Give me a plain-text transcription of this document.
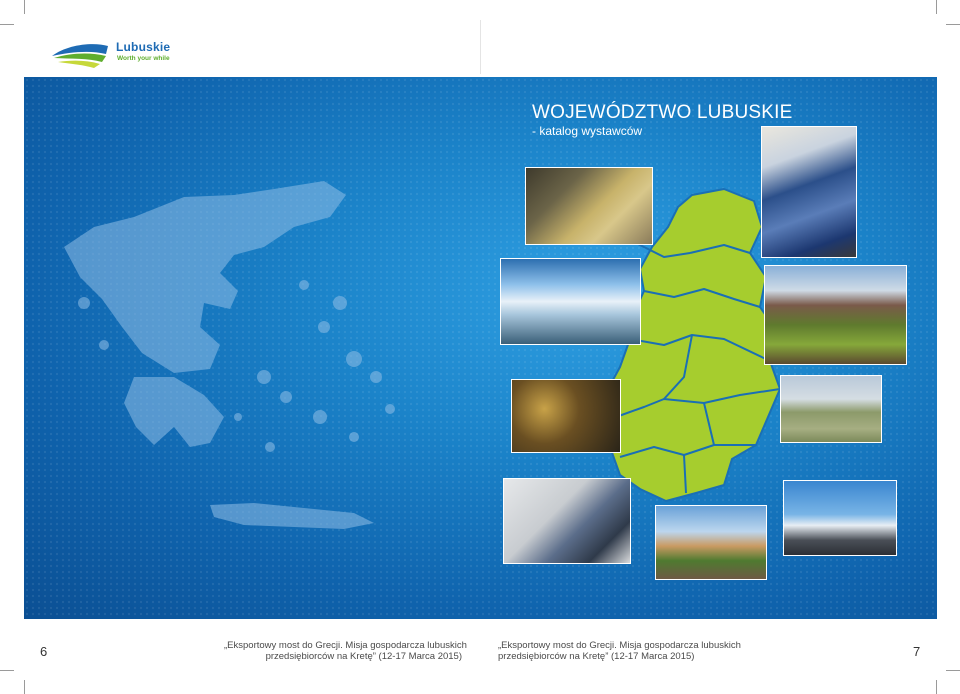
Lubuskie
Worth your while
WOJEWÓDZTWO LUBUSKIE
- katalog wystawców
6	„Eksportowy most do Grecji. Misja gospodarcza lubuskich
przedsiębiorców na Kretę” (12-17 Marca 2015)
„Eksportowy most do Grecji. Misja gospodarcza lubuskich
przedsiębiorców na Kretę” (12-17 Marca 2015)	7
